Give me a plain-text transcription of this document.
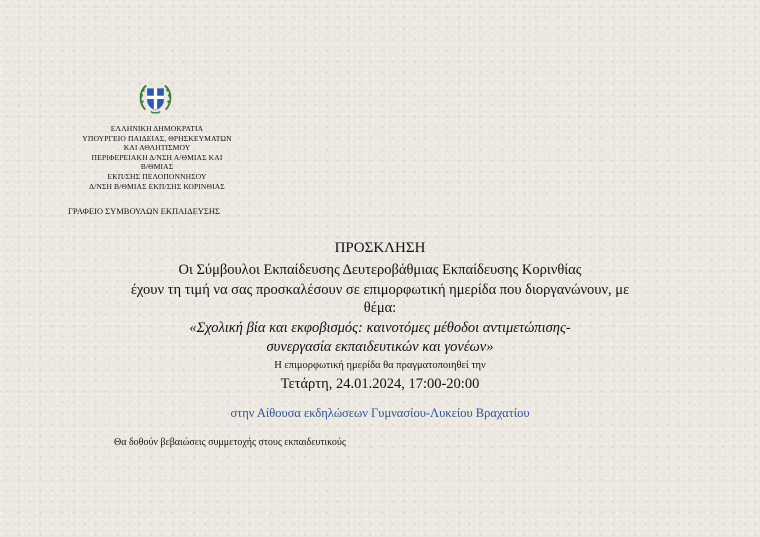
ΕΛΛΗΝΙΚΗ ΔΗΜΟΚΡΑΤΙΑ
ΥΠΟΥΡΓΕΙΟ ΠΑΙΔΕΙΑΣ, ΘΡΗΣΚΕΥΜΑΤΩΝ
ΚΑΙ ΑΘΛΗΤΙΣΜΟΥ
ΠΕΡΙΦΕΡΕΙΑΚΗ Δ/ΝΣΗ Α/ΘΜΙΑΣ ΚΑΙ
Β/ΘΜΙΑΣ
ΕΚΠ/ΣΗΣ ΠΕΛΟΠΟΝΝΗΣΟΥ
Δ/ΝΣΗ Β/ΘΜΙΑΣ ΕΚΠ/ΣΗΣ ΚΟΡΙΝΘΙΑΣ
ΓΡΑΦΕΙΟ ΣΥΜΒΟΥΛΩΝ ΕΚΠΑΙΔΕΥΣΗΣ
ΠΡΟΣΚΛΗΣΗ
Οι Σύμβουλοι Εκπαίδευσης Δευτεροβάθμιας Εκπαίδευσης Κορινθίας
έχουν τη τιμή να σας προσκαλέσουν σε επιμορφωτική ημερίδα που διοργανώνουν, με
θέμα:
«Σχολική βία και εκφοβισμός: καινοτόμες μέθοδοι αντιμετώπισης-
συνεργασία εκπαιδευτικών και γονέων»
Η επιμορφωτική ημερίδα θα πραγματοποιηθεί την
Τετάρτη, 24.01.2024, 17:00-20:00
στην Αίθουσα εκδηλώσεων Γυμνασίου-Λυκείου Βραχατίου
Θα δοθούν βεβαιώσεις συμμετοχής στους εκπαιδευτικούς
